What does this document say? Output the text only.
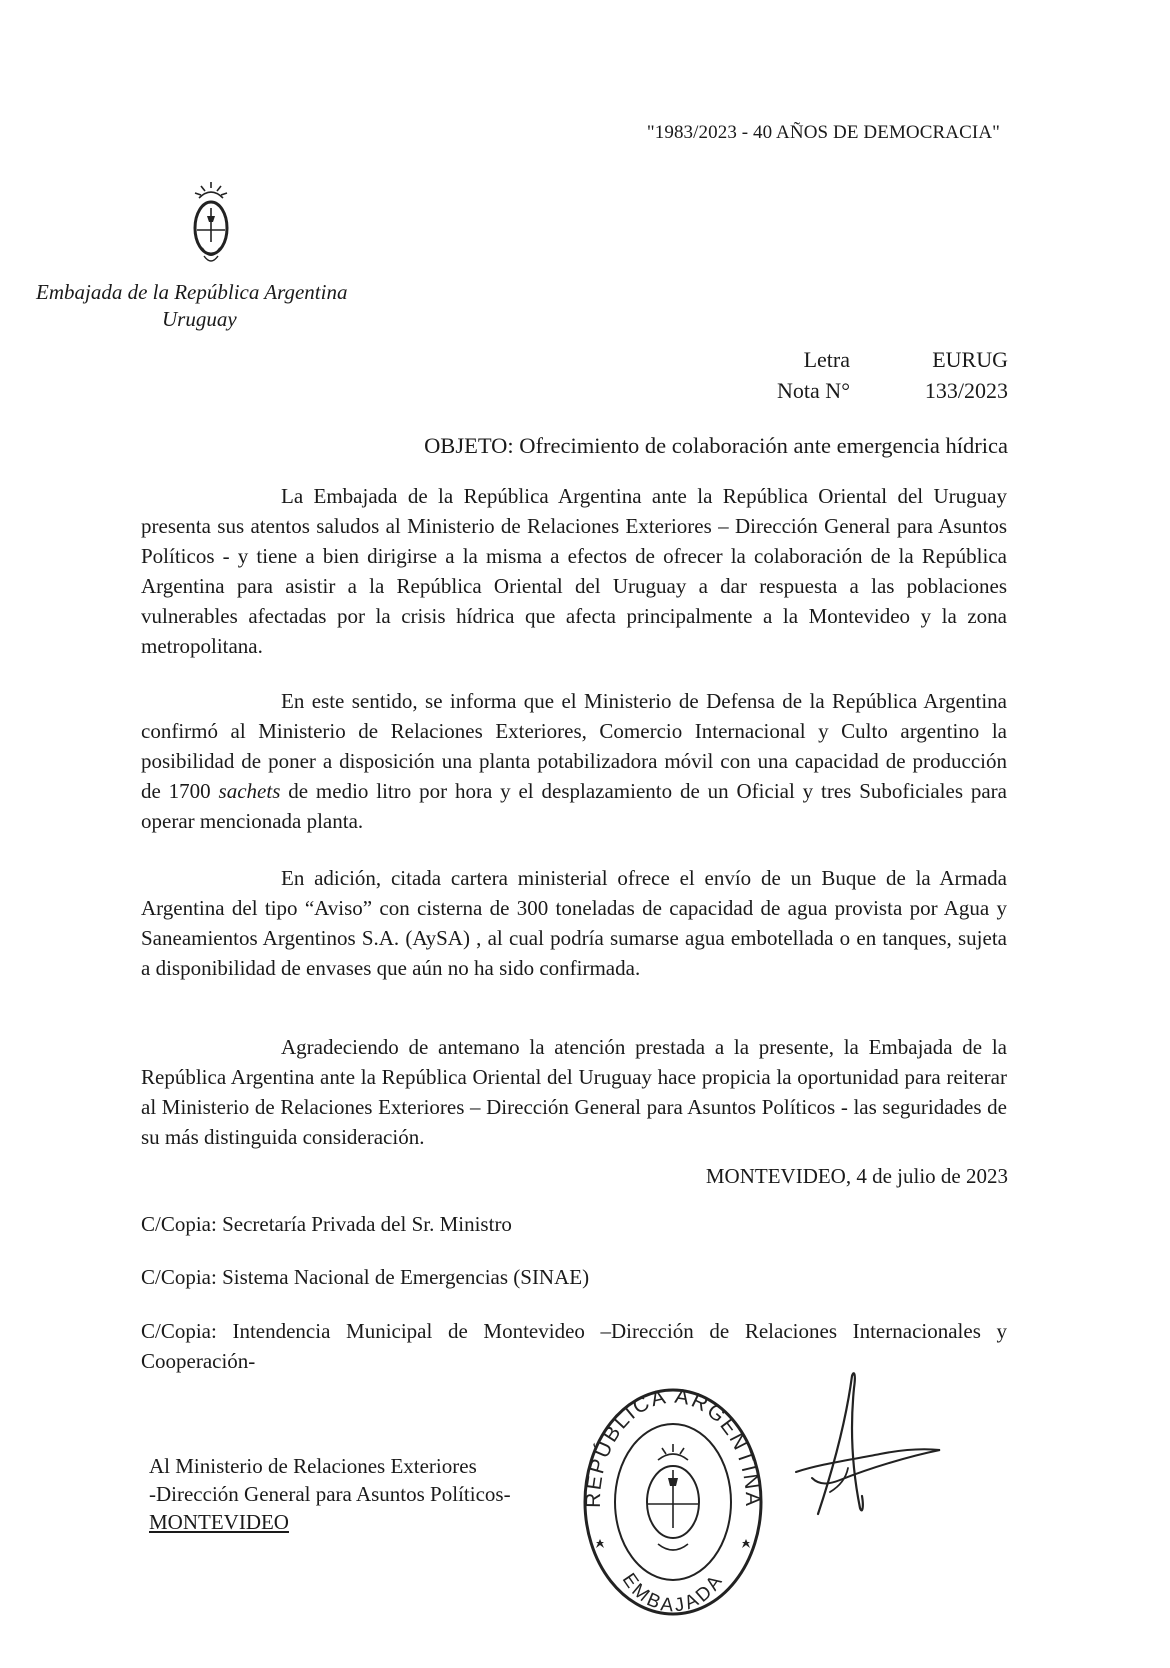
"1983/2023 - 40 AÑOS DE DEMOCRACIA"
Embajada de la República Argentina
Uruguay
Letra	EURUG
Nota N°	133/2023
OBJETO: Ofrecimiento de colaboración ante emergencia hídrica
La Embajada de la República Argentina ante la República Oriental del Uruguay presenta sus atentos saludos al Ministerio de Relaciones Exteriores – Dirección General para Asuntos Políticos - y tiene a bien dirigirse a la misma a efectos de ofrecer la colaboración de la República Argentina para asistir a la República Oriental del Uruguay a dar respuesta a las poblaciones vulnerables afectadas por la crisis hídrica que afecta principalmente a la Montevideo y la zona metropolitana.
En este sentido, se informa que el Ministerio de Defensa de la República Argentina confirmó al Ministerio de Relaciones Exteriores, Comercio Internacional y Culto argentino la posibilidad de poner a disposición una planta potabilizadora móvil con una capacidad de producción de 1700 sachets de medio litro por hora y el desplazamiento de un Oficial y tres Suboficiales para operar mencionada planta.
En adición, citada cartera ministerial ofrece el envío de un Buque de la Armada Argentina del tipo “Aviso” con cisterna de 300 toneladas de capacidad de agua provista por Agua y Saneamientos Argentinos S.A. (AySA) , al cual podría sumarse agua embotellada o en tanques, sujeta a disponibilidad de envases que aún no ha sido confirmada.
Agradeciendo de antemano la atención prestada a la presente, la Embajada de la República Argentina ante la República Oriental del Uruguay hace propicia la oportunidad para reiterar al Ministerio de Relaciones Exteriores – Dirección General para Asuntos Políticos - las seguridades de su más distinguida consideración.
MONTEVIDEO, 4 de julio de 2023
C/Copia: Secretaría Privada del Sr. Ministro
C/Copia: Sistema Nacional de Emergencias (SINAE)
C/Copia: Intendencia Municipal de Montevideo –Dirección de Relaciones Internacionales y Cooperación-
Al Ministerio de Relaciones Exteriores
-Dirección General para Asuntos Políticos-
MONTEVIDEO
REPÚBLICA ARGENTINA
EMBAJADA
